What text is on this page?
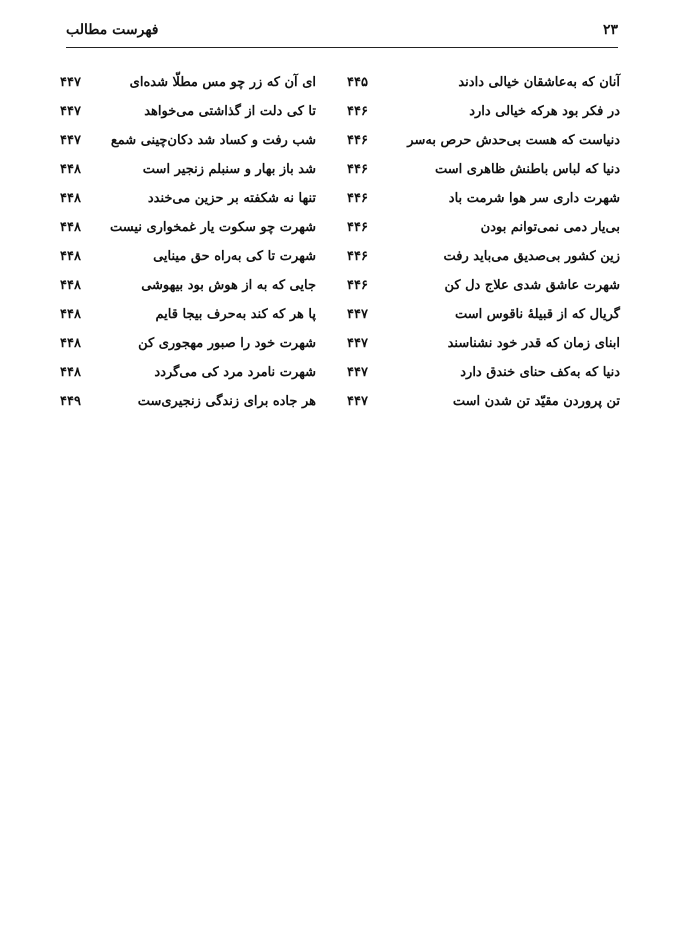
۲۳
فهرست مطالب
آنان که به‌عاشقان خیالی دادند
۴۴۵
ای آن که زر چو مس مطلّا شده‌ای
۴۴۷
در فکر بود هرکه خیالی دارد
۴۴۶
تا کی دلت از گذاشتی می‌خواهد
۴۴۷
دنیاست که هست بی‌حدش حرص به‌سر
۴۴۶
شب رفت و کساد شد دکان‌چینی شمع
۴۴۷
دنیا که لباس باطنش ظاهری است
۴۴۶
شد باز بهار و سنبلم زنجیر است
۴۴۸
شهرت داری سر هوا شرمت باد
۴۴۶
تنها نه شکفته بر حزین می‌خندد
۴۴۸
بی‌یار دمی نمی‌توانم بودن
۴۴۶
شهرت چو سکوت یار غمخواری نیست
۴۴۸
زین کشور بی‌صدیق می‌باید رفت
۴۴۶
شهرت تا کی به‌راه حق مینایی
۴۴۸
شهرت عاشق شدی علاج دل کن
۴۴۶
جایی که به از هوش بود بیهوشی
۴۴۸
گریال که از قبیلهٔ ناقوس است
۴۴۷
پا هر که کند به‌حرف بیجا قایم
۴۴۸
ابنای زمان که قدر خود نشناسند
۴۴۷
شهرت خود را صبور مهجوری کن
۴۴۸
دنیا که به‌کف حنای خندق دارد
۴۴۷
شهرت نامرد مرد کی می‌گردد
۴۴۸
تن پروردن مقیّد تن شدن است
۴۴۷
هر جاده برای زندگی زنجیری‌ست
۴۴۹
